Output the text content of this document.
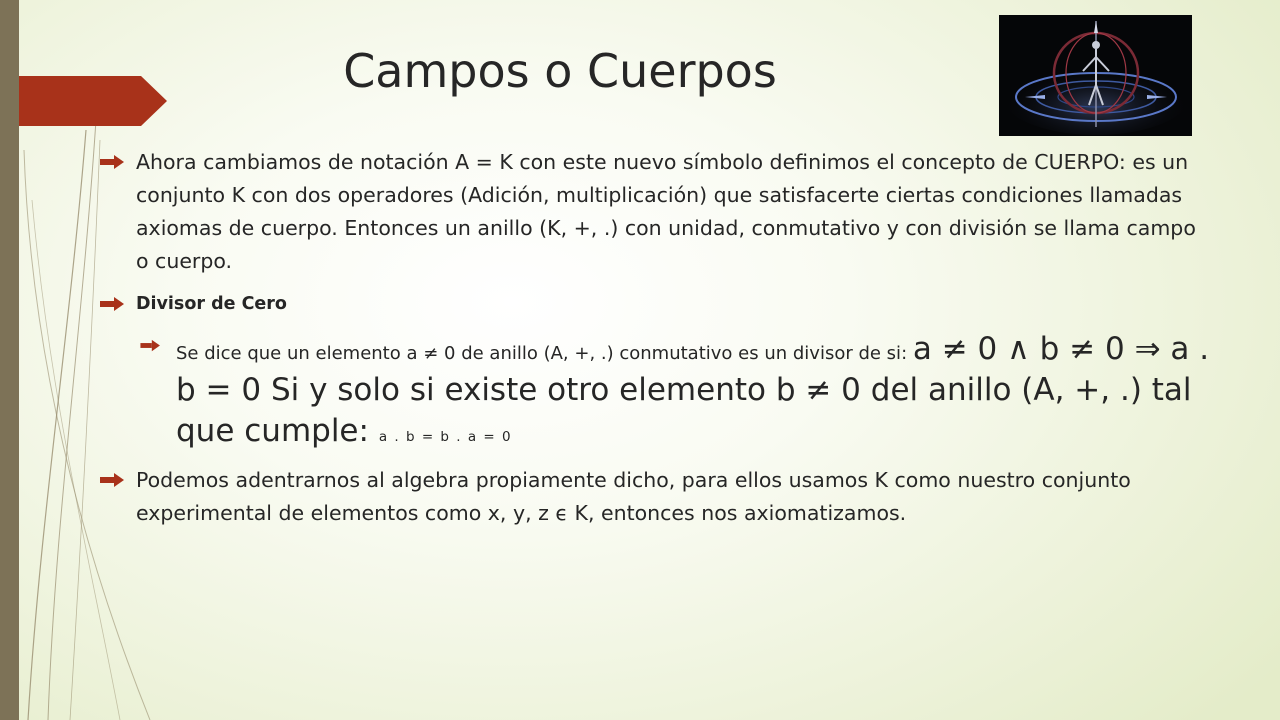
Campos o Cuerpos
Ahora cambiamos de notación A = K con este nuevo símbolo definimos el concepto de CUERPO: es un conjunto K con dos operadores (Adición, multiplicación) que satisfacerte ciertas condiciones llamadas axiomas de cuerpo. Entonces un anillo (K, +, .) con unidad, conmutativo y con división se llama campo o cuerpo.
Divisor de Cero
Se dice que un elemento a ≠ 0 de anillo (A, +, .) conmutativo es un divisor de si: a ≠ 0 ∧ b ≠ 0 ⇒ a . b = 0 Si y solo si existe otro elemento b ≠ 0 del anillo (A, +, .) tal que cumple: a . b = b . a = 0
Podemos adentrarnos al algebra propiamente dicho, para ellos usamos K como nuestro conjunto experimental de elementos como x, y, z ϵ K, entonces nos axiomatizamos.
